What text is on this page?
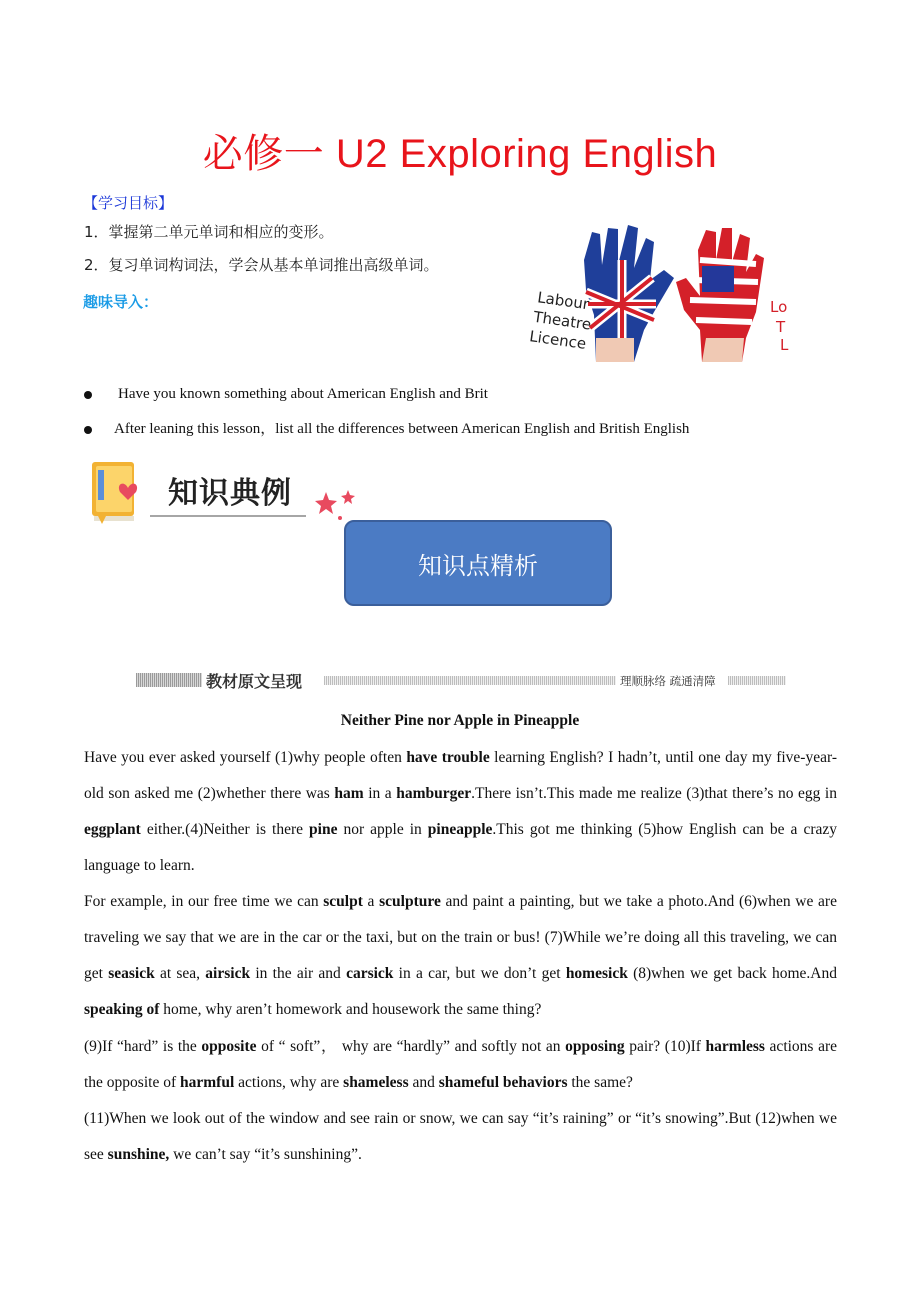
必修一 U2 Exploring English
【学习目标】
1．掌握第二单元单词和相应的变形。
2．复习单词构词法，学会从基本单词推出高级单词。
趣味导入：	Labour
Theatre
Licence
Lo
T
L
Have you known something about American English and Brit
After leaning this lesson，list all the differences between American English and British English
知识典例
知识点精析
教材原文呈现	理顺脉络 疏通清障
Neither Pine nor Apple in Pineapple
Have you ever asked yourself (1)why people often have trouble learning English? I hadn’t, until one day my five-year-old son asked me (2)whether there was ham in a hamburger.There isn’t.This made me realize (3)that there’s no egg in eggplant either.(4)Neither is there pine nor apple in pineapple.This got me thinking (5)how English can be a crazy language to learn.
For example, in our free time we can sculpt a sculpture and paint a painting, but we take a photo.And (6)when we are traveling we say that we are in the car or the taxi, but on the train or bus! (7)While we’re doing all this traveling, we can get seasick at sea, airsick in the air and carsick in a car, but we don’t get homesick (8)when we get back home.And speaking of home, why aren’t homework and housework the same thing?
(9)If “hard” is the opposite of “ soft”， why are “hardly” and softly not an opposing pair? (10)If harmless actions are the opposite of harmful actions, why are shameless and shameful behaviors the same?
(11)When we look out of the window and see rain or snow, we can say “it’s raining” or “it’s snowing”.But (12)when we see sunshine, we can’t say “it’s sunshining”.
